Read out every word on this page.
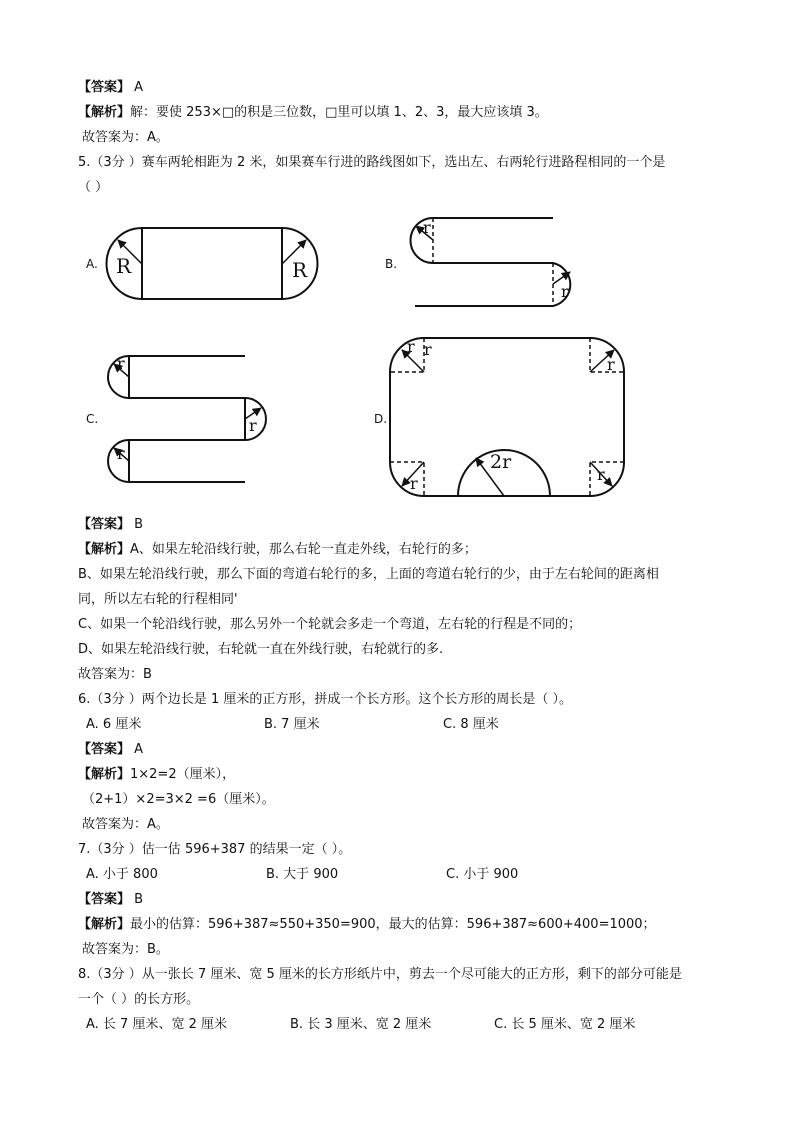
【答案】 A
【解析】解：要使 253×□的积是三位数，□里可以填 1、2、3，最大应该填 3。
故答案为：A。
5.（3分 ）赛车两轮相距为 2 米，如果赛车行进的路线图如下，选出左、右两轮行进路程相同的一个是
（ ）
A. R	R	B.
r
r
C.
r
r
r
D.
r r
r
r	r
2r
【答案】 B
【解析】A、如果左轮沿线行驶，那么右轮一直走外线，右轮行的多；
B、如果左轮沿线行驶，那么下面的弯道右轮行的多，上面的弯道右轮行的少，由于左右轮间的距离相
同，所以左右轮的行程相同'
C、如果一个轮沿线行驶，那么另外一个轮就会多走一个弯道，左右轮的行程是不同的；
D、如果左轮沿线行驶，右轮就一直在外线行驶，右轮就行的多.
故答案为：B
6.（3分 ）两个边长是 1 厘米的正方形，拼成一个长方形。这个长方形的周长是（ ）。
A. 6 厘米	B. 7 厘米	C. 8 厘米
【答案】 A
【解析】1×2=2（厘米），
（2+1）×2=3×2 =6（厘米）。
故答案为：A。
7.（3分 ）估一估 596+387 的结果一定（ ）。
A. 小于 800	B. 大于 900	C. 小于 900
【答案】 B
【解析】最小的估算：596+387≈550+350=900，最大的估算：596+387≈600+400=1000；
故答案为：B。
8.（3分 ）从一张长 7 厘米、宽 5 厘米的长方形纸片中，剪去一个尽可能大的正方形，剩下的部分可能是
一个（ ）的长方形。
A. 长 7 厘米、宽 2 厘米	B. 长 3 厘米、宽 2 厘米	C. 长 5 厘米、宽 2 厘米
